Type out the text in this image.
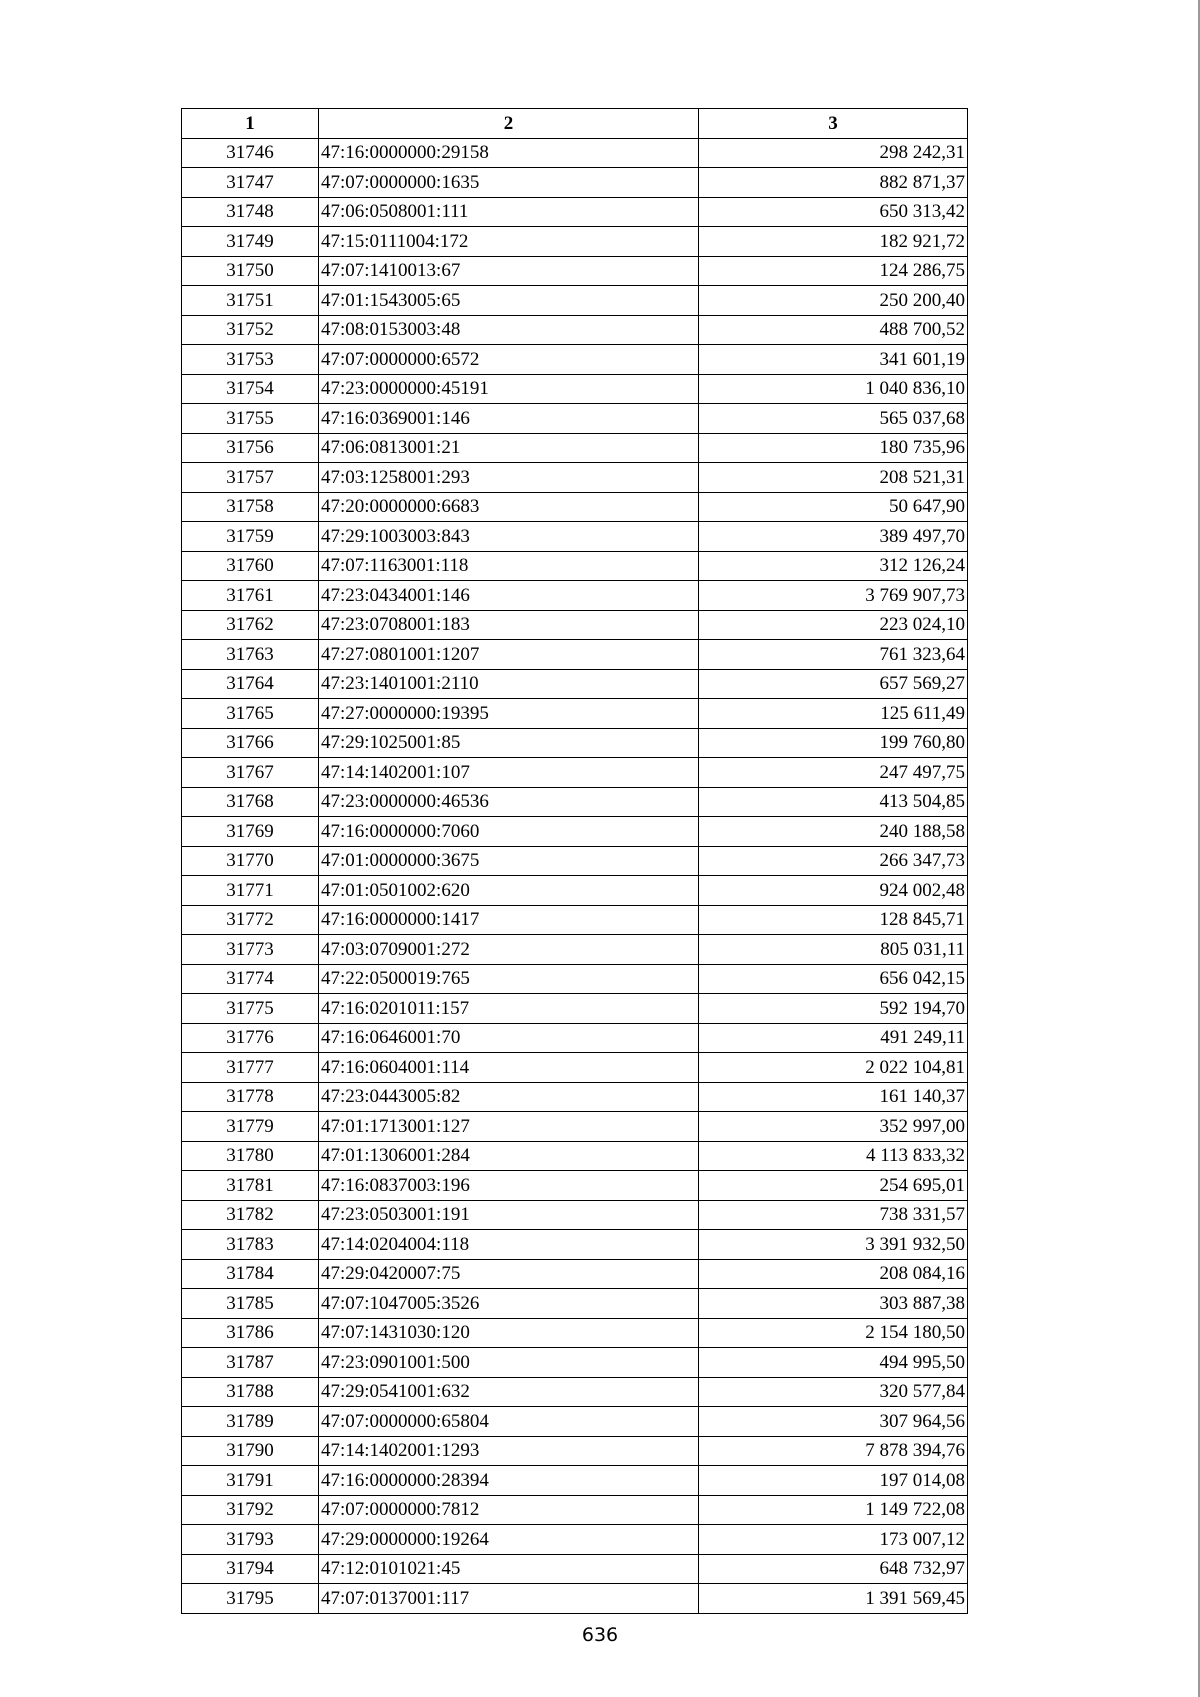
1	2	3
31746	47:16:0000000:29158	298 242,31
31747	47:07:0000000:1635	882 871,37
31748	47:06:0508001:111	650 313,42
31749	47:15:0111004:172	182 921,72
31750	47:07:1410013:67	124 286,75
31751	47:01:1543005:65	250 200,40
31752	47:08:0153003:48	488 700,52
31753	47:07:0000000:6572	341 601,19
31754	47:23:0000000:45191	1 040 836,10
31755	47:16:0369001:146	565 037,68
31756	47:06:0813001:21	180 735,96
31757	47:03:1258001:293	208 521,31
31758	47:20:0000000:6683	50 647,90
31759	47:29:1003003:843	389 497,70
31760	47:07:1163001:118	312 126,24
31761	47:23:0434001:146	3 769 907,73
31762	47:23:0708001:183	223 024,10
31763	47:27:0801001:1207	761 323,64
31764	47:23:1401001:2110	657 569,27
31765	47:27:0000000:19395	125 611,49
31766	47:29:1025001:85	199 760,80
31767	47:14:1402001:107	247 497,75
31768	47:23:0000000:46536	413 504,85
31769	47:16:0000000:7060	240 188,58
31770	47:01:0000000:3675	266 347,73
31771	47:01:0501002:620	924 002,48
31772	47:16:0000000:1417	128 845,71
31773	47:03:0709001:272	805 031,11
31774	47:22:0500019:765	656 042,15
31775	47:16:0201011:157	592 194,70
31776	47:16:0646001:70	491 249,11
31777	47:16:0604001:114	2 022 104,81
31778	47:23:0443005:82	161 140,37
31779	47:01:1713001:127	352 997,00
31780	47:01:1306001:284	4 113 833,32
31781	47:16:0837003:196	254 695,01
31782	47:23:0503001:191	738 331,57
31783	47:14:0204004:118	3 391 932,50
31784	47:29:0420007:75	208 084,16
31785	47:07:1047005:3526	303 887,38
31786	47:07:1431030:120	2 154 180,50
31787	47:23:0901001:500	494 995,50
31788	47:29:0541001:632	320 577,84
31789	47:07:0000000:65804	307 964,56
31790	47:14:1402001:1293	7 878 394,76
31791	47:16:0000000:28394	197 014,08
31792	47:07:0000000:7812	1 149 722,08
31793	47:29:0000000:19264	173 007,12
31794	47:12:0101021:45	648 732,97
31795	47:07:0137001:117	1 391 569,45
636
